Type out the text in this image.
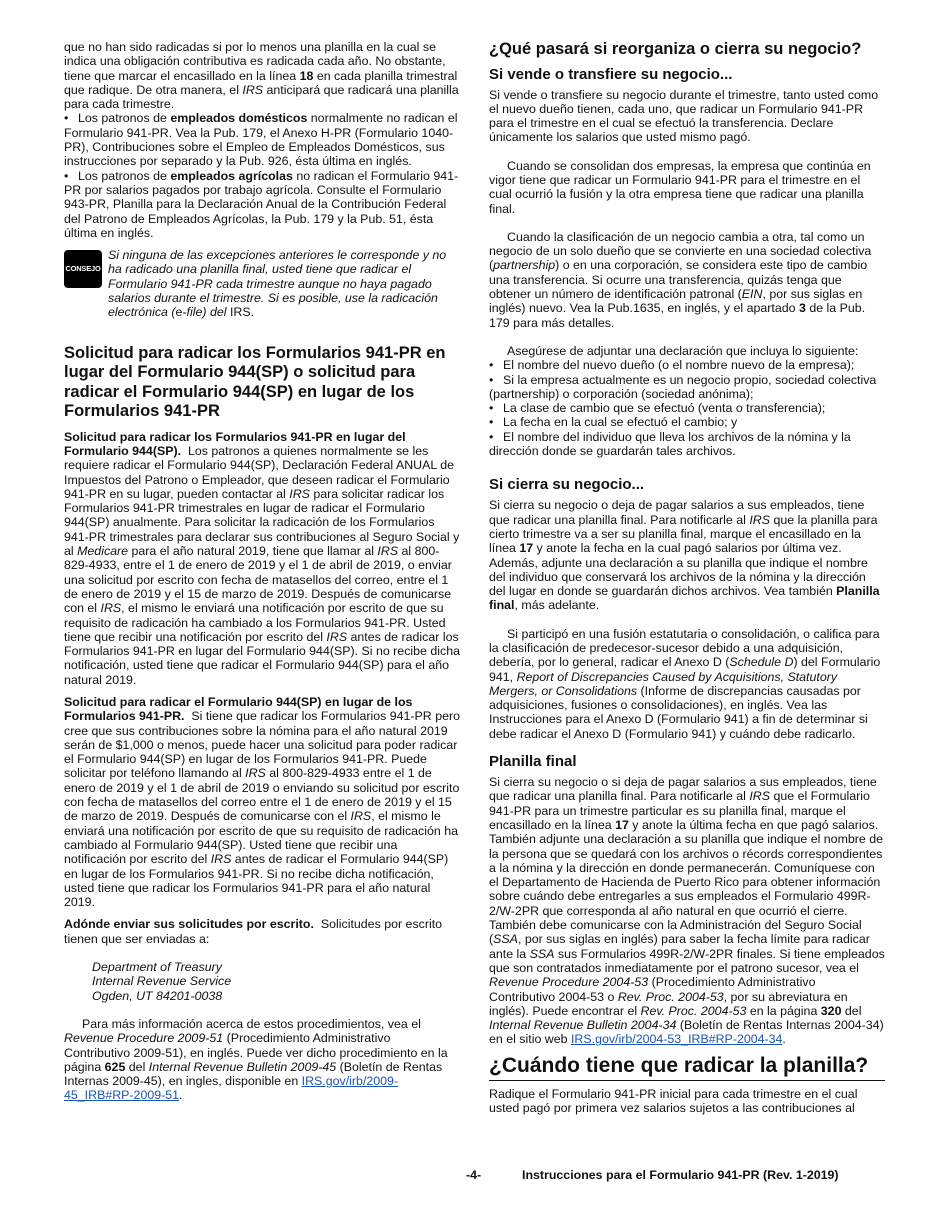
que no han sido radicadas si por lo menos una planilla en la cual se indica una obligación contributiva es radicada cada año. No obstante, tiene que marcar el encasillado en la línea 18 en cada planilla trimestral que radique. De otra manera, el IRS anticipará que radicará una planilla para cada trimestre.

• Los patronos de empleados domésticos normalmente no radican el Formulario 941-PR. Vea la Pub. 179, el Anexo H-PR (Formulario 1040-PR), Contribuciones sobre el Empleo de Empleados Domésticos, sus instrucciones por separado y la Pub. 926, ésta última en inglés.

• Los patronos de empleados agrícolas no radican el Formulario 941-PR por salarios pagados por trabajo agrícola. Consulte el Formulario 943-PR, Planilla para la Declaración Anual de la Contribución Federal del Patrono de Empleados Agrícolas, la Pub. 179 y la Pub. 51, ésta última en inglés.

CONSEJO

Si ninguna de las excepciones anteriores le corresponde y no ha radicado una planilla final, usted tiene que radicar el Formulario 941-PR cada trimestre aunque no haya pagado salarios durante el trimestre. Si es posible, use la radicación electrónica (e-file) del IRS.

Solicitud para radicar los Formularios 941-PR en lugar del Formulario 944(SP) o solicitud para radicar el Formulario 944(SP) en lugar de los Formularios 941-PR

Solicitud para radicar los Formularios 941-PR en lugar del Formulario 944(SP). Los patronos a quienes normalmente se les requiere radicar el Formulario 944(SP), Declaración Federal ANUAL de Impuestos del Patrono o Empleador, que deseen radicar el Formulario 941-PR en su lugar, pueden contactar al IRS para solicitar radicar los Formularios 941-PR trimestrales en lugar de radicar el Formulario 944(SP) anualmente. Para solicitar la radicación de los Formularios 941-PR trimestrales para declarar sus contribuciones al Seguro Social y al Medicare para el año natural 2019, tiene que llamar al IRS al 800-829-4933, entre el 1 de enero de 2019 y el 1 de abril de 2019, o enviar una solicitud por escrito con fecha de matasellos del correo, entre el 1 de enero de 2019 y el 15 de marzo de 2019. Después de comunicarse con el IRS, el mismo le enviará una notificación por escrito de que su requisito de radicación ha cambiado a los Formularios 941-PR. Usted tiene que recibir una notificación por escrito del IRS antes de radicar los Formularios 941-PR en lugar del Formulario 944(SP). Si no recibe dicha notificación, usted tiene que radicar el Formulario 944(SP) para el año natural 2019.

Solicitud para radicar el Formulario 944(SP) en lugar de los Formularios 941-PR. Si tiene que radicar los Formularios 941-PR pero cree que sus contribuciones sobre la nómina para el año natural 2019 serán de $1,000 o menos, puede hacer una solicitud para poder radicar el Formulario 944(SP) en lugar de los Formularios 941-PR. Puede solicitar por teléfono llamando al IRS al 800-829-4933 entre el 1 de enero de 2019 y el 1 de abril de 2019 o enviando su solicitud por escrito con fecha de matasellos del correo entre el 1 de enero de 2019 y el 15 de marzo de 2019. Después de comunicarse con el IRS, el mismo le enviará una notificación por escrito de que su requisito de radicación ha cambiado al Formulario 944(SP). Usted tiene que recibir una notificación por escrito del IRS antes de radicar el Formulario 944(SP) en lugar de los Formularios 941-PR. Si no recibe dicha notificación, usted tiene que radicar los Formularios 941-PR para el año natural 2019.

Adónde enviar sus solicitudes por escrito. Solicitudes por escrito tienen que ser enviadas a:

Department of Treasury

Internal Revenue Service

Ogden, UT 84201-0038

Para más información acerca de estos procedimientos, vea el Revenue Procedure 2009-51 (Procedimiento Administrativo Contributivo 2009-51), en inglés. Puede ver dicho procedimiento en la página 625 del Internal Revenue Bulletin 2009-45 (Boletín de Rentas Internas 2009-45), en ingles, disponible en IRS.gov/irb/2009-45_IRB#RP-2009-51.

¿Qué pasará si reorganiza o cierra su negocio?
Si vende o transfiere su negocio...

Si vende o transfiere su negocio durante el trimestre, tanto usted como el nuevo dueño tienen, cada uno, que radicar un Formulario 941-PR para el trimestre en el cual se efectuó la transferencia. Declare únicamente los salarios que usted mismo pagó.

Cuando se consolidan dos empresas, la empresa que continúa en vigor tiene que radicar un Formulario 941-PR para el trimestre en el cual ocurrió la fusión y la otra empresa tiene que radicar una planilla final.

Cuando la clasificación de un negocio cambia a otra, tal como un negocio de un solo dueño que se convierte en una sociedad colectiva (partnership) o en una corporación, se considera este tipo de cambio una transferencia. Si ocurre una transferencia, quizás tenga que obtener un número de identificación patronal (EIN, por sus siglas en inglés) nuevo. Vea la Pub.1635, en inglés, y el apartado 3 de la Pub. 179 para más detalles.

Asegúrese de adjuntar una declaración que incluya lo siguiente:

• El nombre del nuevo dueño (o el nombre nuevo de la empresa);

• Si la empresa actualmente es un negocio propio, sociedad colectiva (partnership) o corporación (sociedad anónima);

• La clase de cambio que se efectuó (venta o transferencia);

• La fecha en la cual se efectuó el cambio; y

• El nombre del individuo que lleva los archivos de la nómina y la dirección donde se guardarán tales archivos.

Si cierra su negocio...

Si cierra su negocio o deja de pagar salarios a sus empleados, tiene que radicar una planilla final. Para notificarle al IRS que la planilla para cierto trimestre va a ser su planilla final, marque el encasillado en la línea 17 y anote la fecha en la cual pagó salarios por última vez. Además, adjunte una declaración a su planilla que indique el nombre del individuo que conservará los archivos de la nómina y la dirección del lugar en donde se guardarán dichos archivos. Vea también Planilla final, más adelante.

Si participó en una fusión estatutaria o consolidación, o califica para la clasificación de predecesor-sucesor debido a una adquisición, debería, por lo general, radicar el Anexo D (Schedule D) del Formulario 941, Report of Discrepancies Caused by Acquisitions, Statutory Mergers, or Consolidations (Informe de discrepancias causadas por adquisiciones, fusiones o consolidaciones), en inglés. Vea las Instrucciones para el Anexo D (Formulario 941) a fin de determinar si debe radicar el Anexo D (Formulario 941) y cuándo debe radicarlo.

Planilla final

Si cierra su negocio o si deja de pagar salarios a sus empleados, tiene que radicar una planilla final. Para notificarle al IRS que el Formulario 941-PR para un trimestre particular es su planilla final, marque el encasillado en la línea 17 y anote la última fecha en que pagó salarios. También adjunte una declaración a su planilla que indique el nombre de la persona que se quedará con los archivos o récords correspondientes a la nómina y la dirección en donde permanecerán. Comuníquese con el Departamento de Hacienda de Puerto Rico para obtener información sobre cuándo debe entregarles a sus empleados el Formulario 499R-2/W-2PR que corresponda al año natural en que ocurrió el cierre. También debe comunicarse con la Administración del Seguro Social (SSA, por sus siglas en inglés) para saber la fecha límite para radicar ante la SSA sus Formularios 499R-2/W-2PR finales. Si tiene empleados que son contratados inmediatamente por el patrono sucesor, vea el Revenue Procedure 2004-53 (Procedimiento Administrativo Contributivo 2004-53 o Rev. Proc. 2004-53, por su abreviatura en inglés). Puede encontrar el Rev. Proc. 2004-53 en la página 320 del Internal Revenue Bulletin 2004-34 (Boletín de Rentas Internas 2004-34) en el sitio web IRS.gov/irb/2004-53_IRB#RP-2004-34.

¿Cuándo tiene que radicar la planilla?

Radique el Formulario 941-PR inicial para cada trimestre en el cual usted pagó por primera vez salarios sujetos a las contribuciones al

-4-	Instrucciones para el Formulario 941-PR (Rev. 1-2019)
